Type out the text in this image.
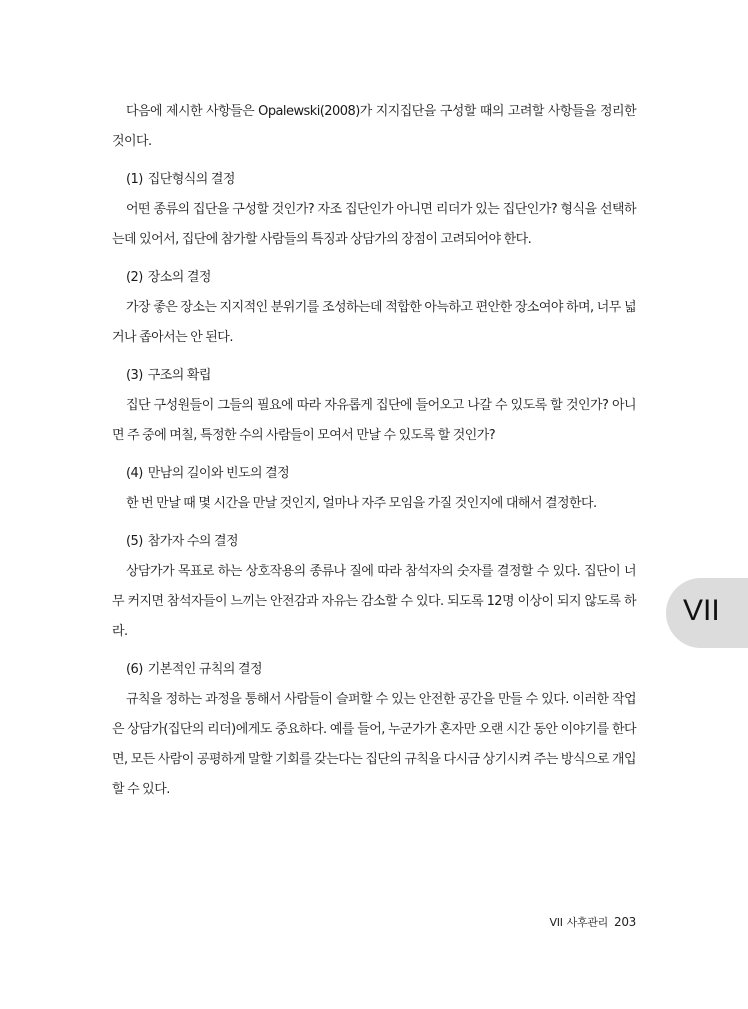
다음에 제시한 사항들은 Opalewski(2008)가 지지집단을 구성할 때의 고려할 사항들을 정리한 것이다.

(1) 집단형식의 결정

어떤 종류의 집단을 구성할 것인가? 자조 집단인가 아니면 리더가 있는 집단인가? 형식을 선택하는데 있어서, 집단에 참가할 사람들의 특징과 상담가의 장점이 고려되어야 한다.

(2) 장소의 결정

가장 좋은 장소는 지지적인 분위기를 조성하는데 적합한 아늑하고 편안한 장소여야 하며, 너무 넓거나 좁아서는 안 된다.

(3) 구조의 확립

집단 구성원들이 그들의 필요에 따라 자유롭게 집단에 들어오고 나갈 수 있도록 할 것인가? 아니면 주 중에 며칠, 특정한 수의 사람들이 모여서 만날 수 있도록 할 것인가?

(4) 만남의 길이와 빈도의 결정

한 번 만날 때 몇 시간을 만날 것인지, 얼마나 자주 모임을 가질 것인지에 대해서 결정한다.

(5) 참가자 수의 결정

상담가가 목표로 하는 상호작용의 종류나 질에 따라 참석자의 숫자를 결정할 수 있다. 집단이 너무 커지면 참석자들이 느끼는 안전감과 자유는 감소할 수 있다. 되도록 12명 이상이 되지 않도록 하라.

(6) 기본적인 규칙의 결정

규칙을 정하는 과정을 통해서 사람들이 슬퍼할 수 있는 안전한 공간을 만들 수 있다. 이러한 작업은 상담가(집단의 리더)에게도 중요하다. 예를 들어, 누군가가 혼자만 오랜 시간 동안 이야기를 한다면, 모든 사람이 공평하게 말할 기회를 갖는다는 집단의 규칙을 다시금 상기시켜 주는 방식으로 개입할 수 있다.

VII
VII 사후관리 203
